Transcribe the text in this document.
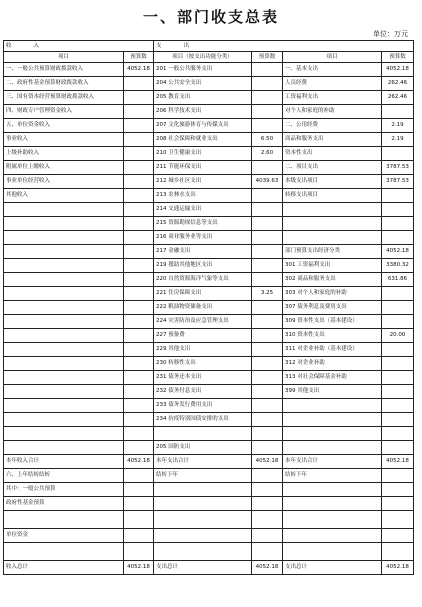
一、部门收支总表
单位：万元
收　　　　入		支　　　　出			
项目	预算数	项目（按支出功能分类）	预算数	项目	预算数
一、一般公共预算财政拨款收入	4052.18	201 一般公共服务支出		一、基本支出	4052.18
二、政府性基金预算财政拨款收入		204 公共安全支出		人员经费	262.46
三、国有资本经营预算财政拨款收入		205 教育支出		工资福利支出	262.46
四、财政专户管理资金收入		206 科学技术支出		对个人和家庭的补助	
五、单位资金收入		207 文化旅游体育与传媒支出		二、公用经费	2.19
事业收入		208 社会保障和就业支出	6.50	商品和服务支出	2.19
上级补助收入		210 卫生健康支出	2.60	资本性支出	
附属单位上缴收入		211 节能环保支出		二、项目支出	3787.53
事业单位经营收入		212 城乡社区支出	4039.63	本级支出项目	3787.53
其他收入		213 农林水支出		转移支出项目	
		214 交通运输支出			
		215 资源勘探信息等支出			
		216 商业服务业等支出			
		217 金融支出		部门预算支出经济分类	4052.18
		219 援助其他地区支出		301 工资福利支出	3380.32
		220 自然资源海洋气象等支出		302 商品和服务支出	631.86
		221 住房保障支出	3.25	303 对个人和家庭的补助	
		222 粮油物资储备支出		307 债务利息及费用支出	
		224 灾害防治及应急管理支出		309 资本性支出（基本建设）	
		227 预备费		310 资本性支出	20.00
		229 其他支出		311 对企业补助（基本建设）	
		230 转移性支出		312 对企业补助	
		231 债务还本支出		313 对社会保障基金补助	
		232 债务付息支出		399 其他支出	
		233 债务发行费用支出			
		234 抗疫特别国债安排的支出			

		205 国防支出			
本年收入合计	4052.18	本年支出合计	4052.18	本年支出合计	4052.18
六、上年结转结转		结转下年		结转下年	
其中：一般公共预算					
政府性基金预算					

单位资金					

收入总计	4052.18	支出总计	4052.18	支出总计	4052.18
